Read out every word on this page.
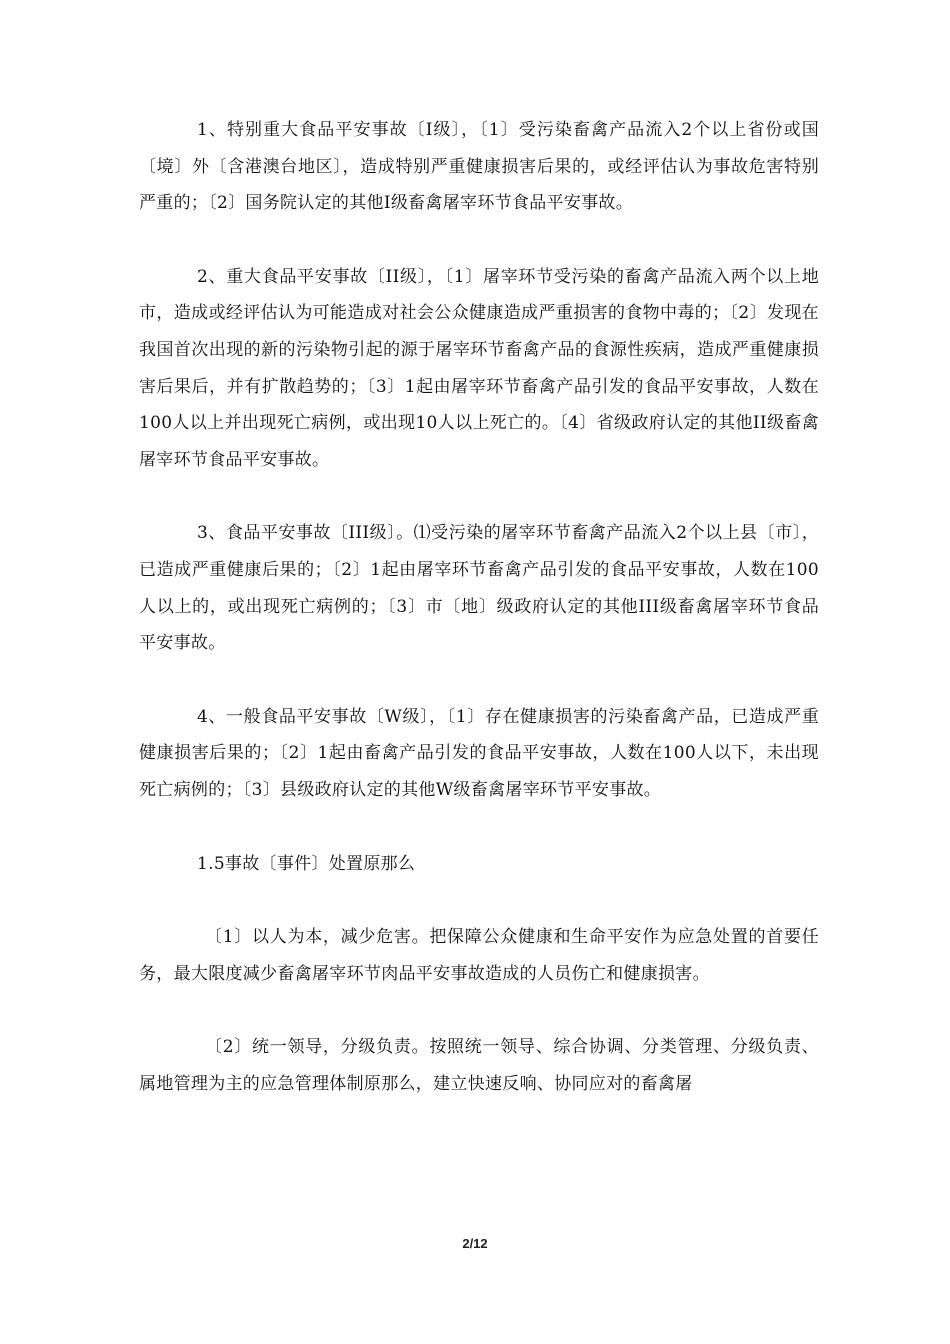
1、特别重大食品平安事故〔I级〕，〔1〕受污染畜禽产品流入2个以上省份或国〔境〕外〔含港澳台地区〕，造成特别严重健康损害后果的，或经评估认为事故危害特别严重的；〔2〕国务院认定的其他I级畜禽屠宰环节食品平安事故。

2、重大食品平安事故〔II级〕，〔1〕屠宰环节受污染的畜禽产品流入两个以上地市，造成或经评估认为可能造成对社会公众健康造成严重损害的食物中毒的；〔2〕发现在我国首次出现的新的污染物引起的源于屠宰环节畜禽产品的食源性疾病，造成严重健康损害后果后，并有扩散趋势的；〔3〕1起由屠宰环节畜禽产品引发的食品平安事故，人数在100人以上并出现死亡病例，或出现10人以上死亡的。〔4〕省级政府认定的其他II级畜禽屠宰环节食品平安事故。

3、食品平安事故〔III级〕。⑴受污染的屠宰环节畜禽产品流入2个以上县〔市〕，已造成严重健康后果的；〔2〕1起由屠宰环节畜禽产品引发的食品平安事故，人数在100人以上的，或出现死亡病例的；〔3〕市〔地〕级政府认定的其他III级畜禽屠宰环节食品平安事故。

4、一般食品平安事故〔W级〕，〔1〕存在健康损害的污染畜禽产品，已造成严重健康损害后果的；〔2〕1起由畜禽产品引发的食品平安事故，人数在100人以下，未出现死亡病例的；〔3〕县级政府认定的其他W级畜禽屠宰环节平安事故。

1.5事故〔事件〕处置原那么

〔1〕以人为本，减少危害。把保障公众健康和生命平安作为应急处置的首要任务，最大限度减少畜禽屠宰环节肉品平安事故造成的人员伤亡和健康损害。

〔2〕统一领导，分级负责。按照统一领导、综合协调、分类管理、分级负责、属地管理为主的应急管理体制原那么，建立快速反响、协同应对的畜禽屠

2/12
